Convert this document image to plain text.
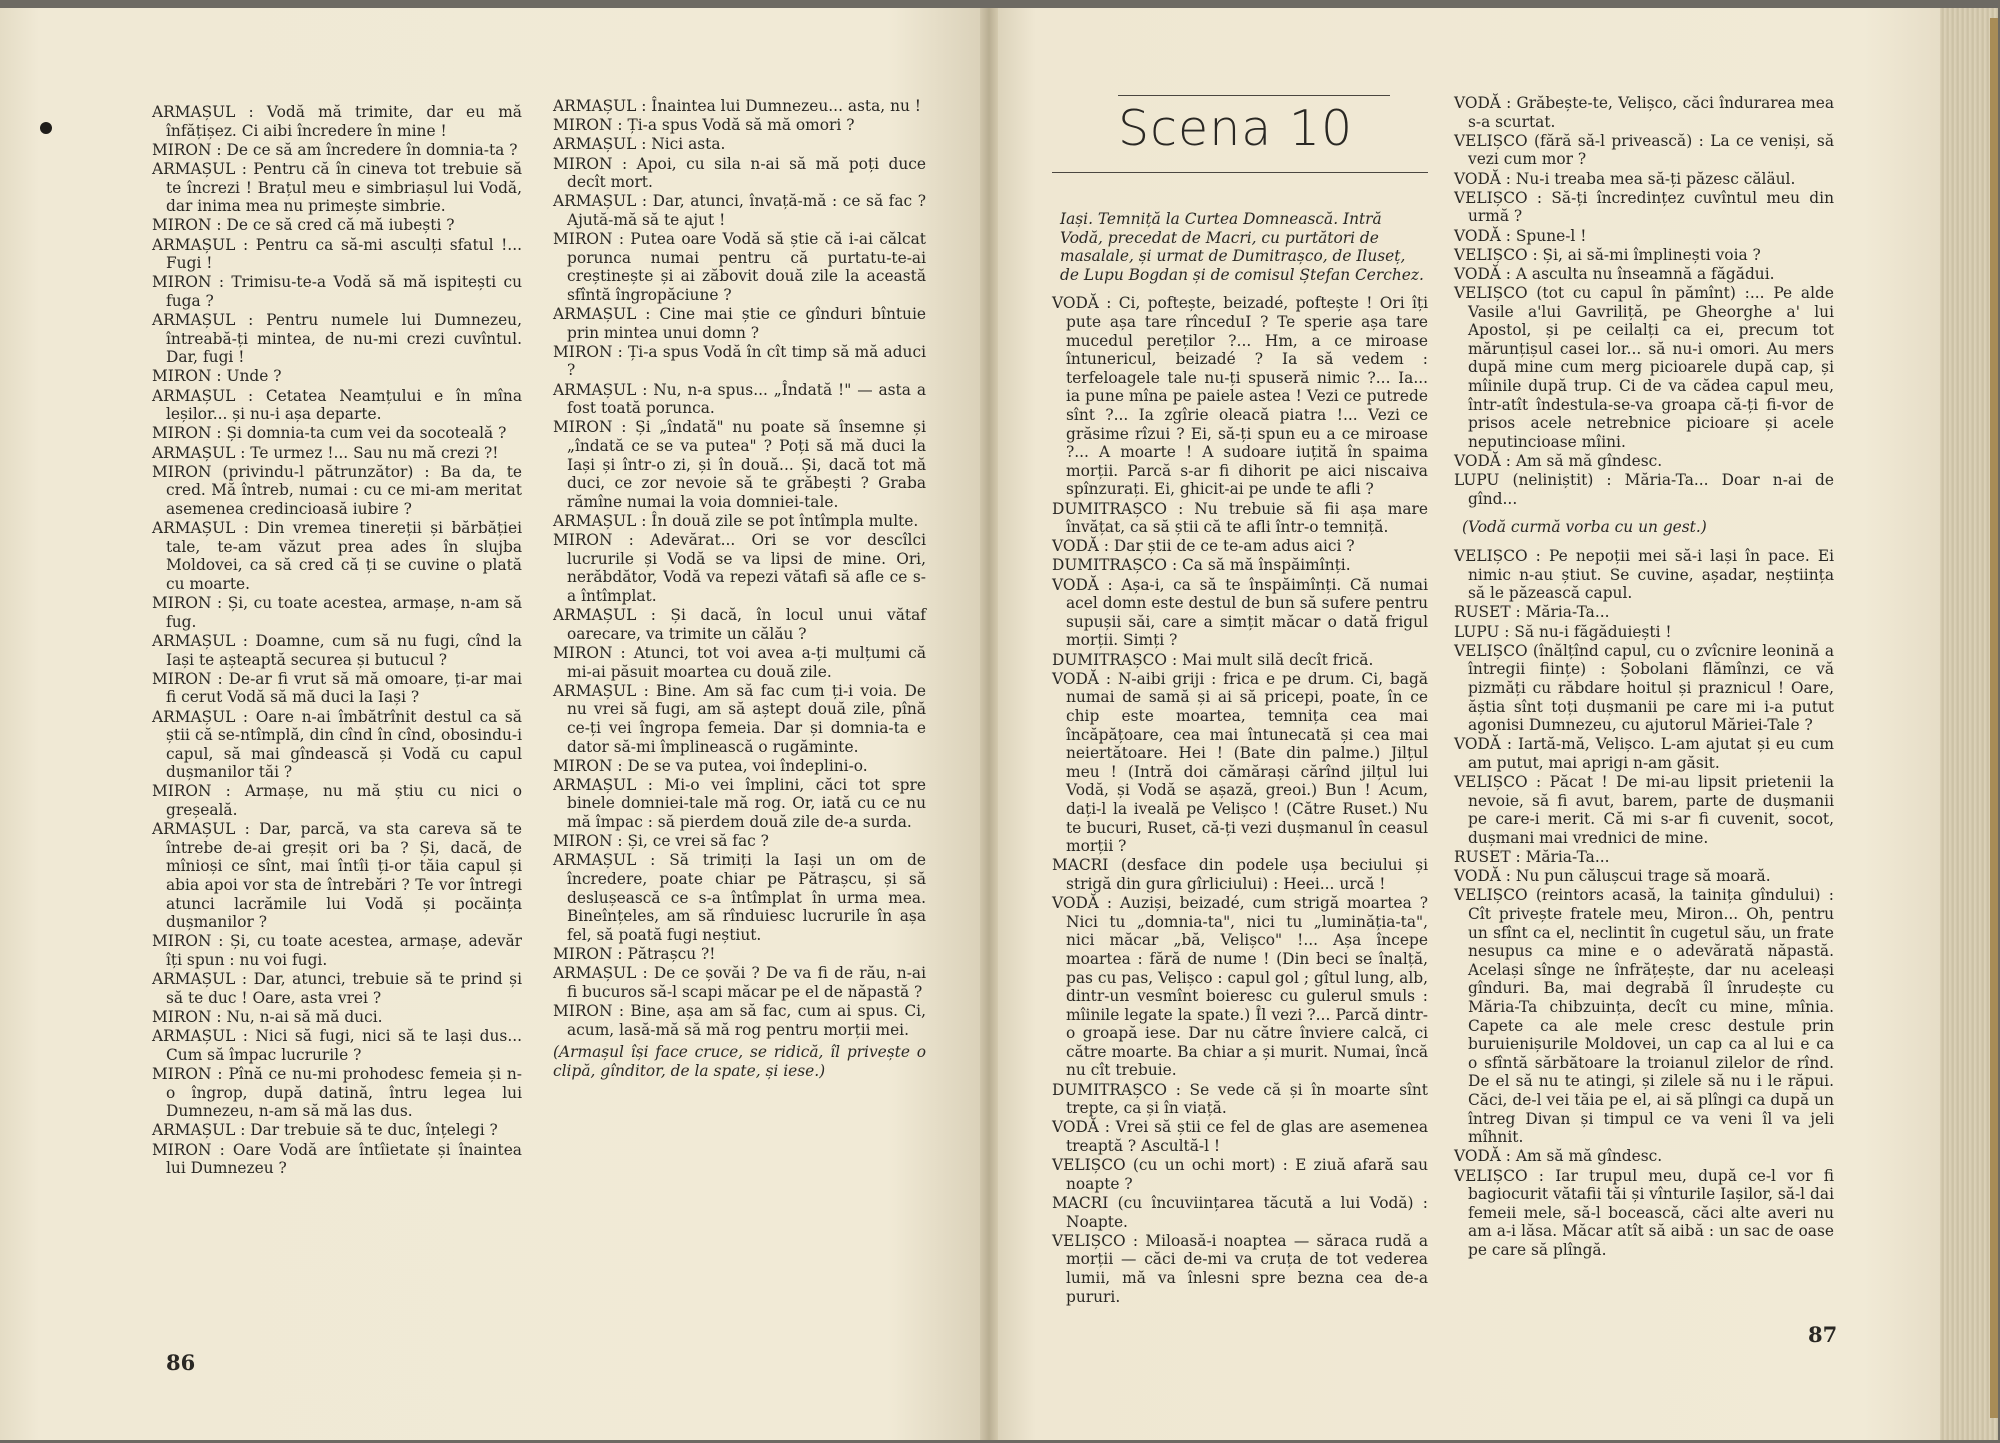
ARMAȘUL : Vodă mă trimite, dar eu mă înfățișez. Ci aibi încredere în mine !
MIRON : De ce să am încredere în domnia-ta ?
ARMAȘUL : Pentru că în cineva tot trebuie să te încrezi ! Brațul meu e simbriașul lui Vodă, dar inima mea nu primește simbrie.
MIRON : De ce să cred că mă iubești ?
ARMAȘUL : Pentru ca să-mi asculți sfatul !... Fugi !
MIRON : Trimisu-te-a Vodă să mă ispitești cu fuga ?
ARMAȘUL : Pentru numele lui Dumnezeu, întreabă-ți mintea, de nu-mi crezi cuvîntul. Dar, fugi !
MIRON : Unde ?
ARMAȘUL : Cetatea Neamțului e în mîna leșilor... și nu-i așa departe.
MIRON : Și domnia-ta cum vei da socoteală ?
ARMAȘUL : Te urmez !... Sau nu mă crezi ?!
MIRON (privindu-l pătrunzător) : Ba da, te cred. Mă întreb, numai : cu ce mi-am meritat asemenea credincioasă iubire ?
ARMAȘUL : Din vremea tinereții și bărbăției tale, te-am văzut prea ades în slujba Moldovei, ca să cred că ți se cuvine o plată cu moarte.
MIRON : Și, cu toate acestea, armașe, n-am să fug.
ARMAȘUL : Doamne, cum să nu fugi, cînd la Iași te așteaptă securea și butucul ?
MIRON : De-ar fi vrut să mă omoare, ți-ar mai fi cerut Vodă să mă duci la Iași ?
ARMAȘUL : Oare n-ai îmbătrînit destul ca să știi că se-ntîmplă, din cînd în cînd, obosindu-i capul, să mai gîndească și Vodă cu capul dușmanilor tăi ?
MIRON : Armașe, nu mă știu cu nici o greșeală.
ARMAȘUL : Dar, parcă, va sta careva să te întrebe de-ai greșit ori ba ? Și, dacă, de mînioși ce sînt, mai întîi ți-or tăia capul și abia apoi vor sta de întrebări ? Te vor întregi atunci lacrămile lui Vodă și pocăința dușmanilor ?
MIRON : Și, cu toate acestea, armașe, adevăr îți spun : nu voi fugi.
ARMAȘUL : Dar, atunci, trebuie să te prind și să te duc ! Oare, asta vrei ?
MIRON : Nu, n-ai să mă duci.
ARMAȘUL : Nici să fugi, nici să te lași dus... Cum să împac lucrurile ?
MIRON : Pînă ce nu-mi prohodesc femeia și n-o îngrop, după datină, întru legea lui Dumnezeu, n-am să mă las dus.
ARMAȘUL : Dar trebuie să te duc, înțelegi ?
MIRON : Oare Vodă are întîietate și înaintea lui Dumnezeu ?
ARMAȘUL : Înaintea lui Dumnezeu... asta, nu !
MIRON : Ți-a spus Vodă să mă omori ?
ARMAȘUL : Nici asta.
MIRON : Apoi, cu sila n-ai să mă poți duce decît mort.
ARMAȘUL : Dar, atunci, învață-mă : ce să fac ? Ajută-mă să te ajut !
MIRON : Putea oare Vodă să știe că i-ai călcat porunca numai pentru că purtatu-te-ai creștinește și ai zăbovit două zile la această sfîntă îngropăciune ?
ARMAȘUL : Cine mai știe ce gînduri bîntuie prin mintea unui domn ?
MIRON : Ți-a spus Vodă în cît timp să mă aduci ?
ARMAȘUL : Nu, n-a spus... „Îndată !" — asta a fost toată porunca.
MIRON : Și „îndată" nu poate să însemne și „îndată ce se va putea" ? Poți să mă duci la Iași și într-o zi, și în două... Și, dacă tot mă duci, ce zor nevoie să te grăbești ? Graba rămîne numai la voia domniei-tale.
ARMAȘUL : În două zile se pot întîmpla multe.
MIRON : Adevărat... Ori se vor descîlci lucrurile și Vodă se va lipsi de mine. Ori, nerăbdător, Vodă va repezi vătafi să afle ce s-a întîmplat.
ARMAȘUL : Și dacă, în locul unui vătaf oarecare, va trimite un călău ?
MIRON : Atunci, tot voi avea a-ți mulțumi că mi-ai păsuit moartea cu două zile.
ARMAȘUL : Bine. Am să fac cum ți-i voia. De nu vrei să fugi, am să aștept două zile, pînă ce-ți vei îngropa femeia. Dar și domnia-ta e dator să-mi împlinească o rugăminte.
MIRON : De se va putea, voi îndeplini-o.
ARMAȘUL : Mi-o vei împlini, căci tot spre binele domniei-tale mă rog. Or, iată cu ce nu mă împac : să pierdem două zile de-a surda.
MIRON : Și, ce vrei să fac ?
ARMAȘUL : Să trimiți la Iași un om de încredere, poate chiar pe Pătrașcu, și să deslușească ce s-a întîmplat în urma mea. Bineînțeles, am să rînduiesc lucrurile în așa fel, să poată fugi neștiut.
MIRON : Pătrașcu ?!
ARMAȘUL : De ce șovăi ? De va fi de rău, n-ai fi bucuros să-l scapi măcar pe el de năpastă ?
MIRON : Bine, așa am să fac, cum ai spus. Ci, acum, lasă-mă să mă rog pentru morții mei.
(Armașul își face cruce, se ridică, îl privește o clipă, gînditor, de la spate, și iese.)
Scena 10
Iași. Temniță la Curtea Domnească. Intră Vodă, precedat de Macri, cu purtători de masalale, și urmat de Dumitrașco, de Iluseț, de Lupu Bogdan și de comisul Ștefan Cerchez.
VODĂ : Ci, poftește, beizadé, poftește ! Ori îți pute așa tare rînceduI ? Te sperie așa tare mucedul pereților ?... Hm, a ce miroase întunericul, beizadé ? Ia să vedem : terfeloagele tale nu-ți spuseră nimic ?... Ia... ia pune mîna pe paiele astea ! Vezi ce putrede sînt ?... Ia zgîrie oleacă piatra !... Vezi ce grăsime rîzui ? Ei, să-ți spun eu a ce miroase ?... A moarte ! A sudoare iuțită în spaima morții. Parcă s-ar fi dihorit pe aici niscaiva spînzurați. Ei, ghicit-ai pe unde te afli ?
DUMITRAȘCO : Nu trebuie să fii așa mare învățat, ca să știi că te afli într-o temniță.
VODĂ : Dar știi de ce te-am adus aici ?
DUMITRAȘCO : Ca să mă înspăimînți.
VODĂ : Așa-i, ca să te înspăimînți. Că numai acel domn este destul de bun să sufere pentru supușii săi, care a simțit măcar o dată frigul morții. Simți ?
DUMITRAȘCO : Mai mult silă decît frică.
VODĂ : N-aibi griji : frica e pe drum. Ci, bagă numai de samă și ai să pricepi, poate, în ce chip este moartea, temnița cea mai încăpățoare, cea mai întunecată și cea mai neiertătoare. Hei ! (Bate din palme.) Jilțul meu ! (Intră doi cămărași cărînd jilțul lui Vodă, și Vodă se așază, greoi.) Bun ! Acum, dați-l la iveală pe Velișco ! (Către Ruset.) Nu te bucuri, Ruset, că-ți vezi dușmanul în ceasul morții ?
MACRI (desface din podele ușa beciului și strigă din gura gîrliciului) : Heei... urcă !
VODĂ : Auziși, beizadé, cum strigă moartea ? Nici tu „domnia-ta", nici tu „luminăția-ta", nici măcar „bă, Velișco" !... Așa începe moartea : fără de nume ! (Din beci se înalță, pas cu pas, Velișco : capul gol ; gîtul lung, alb, dintr-un vesmînt boieresc cu gulerul smuls : mîinile legate la spate.) Îl vezi ?... Parcă dintr-o groapă iese. Dar nu către înviere calcă, ci către moarte. Ba chiar a și murit. Numai, încă nu cît trebuie.
DUMITRAȘCO : Se vede că și în moarte sînt trepte, ca și în viață.
VODĂ : Vrei să știi ce fel de glas are asemenea treaptă ? Ascultă-l !
VELIȘCO (cu un ochi mort) : E ziuă afară sau noapte ?
MACRI (cu încuviințarea tăcută a lui Vodă) : Noapte.
VELIȘCO : Miloasă-i noaptea — săraca rudă a morții — căci de-mi va cruța de tot vederea lumii, mă va înlesni spre bezna cea de-a pururi.
VODĂ : Grăbește-te, Velișco, căci îndurarea mea s-a scurtat.
VELIȘCO (fără să-l privească) : La ce veniși, să vezi cum mor ?
VODĂ : Nu-i treaba mea să-ți păzesc căläul.
VELIȘCO : Să-ți încredințez cuvîntul meu din urmă ?
VODĂ : Spune-l !
VELIȘCO : Și, ai să-mi împlinești voia ?
VODĂ : A asculta nu înseamnă a făgădui.
VELIȘCO (tot cu capul în pămînt) :... Pe alde Vasile a'lui Gavriliță, pe Gheorghe a' lui Apostol, și pe ceilalți ca ei, precum tot mărunțișul casei lor... să nu-i omori. Au mers după mine cum merg picioarele după cap, și mîinile după trup. Ci de va cădea capul meu, într-atît îndestula-se-va groapa că-ți fi-vor de prisos acele netrebnice picioare și acele neputincioase mîini.
VODĂ : Am să mă gîndesc.
LUPU (neliniștit) : Măria-Ta... Doar n-ai de gînd...
(Vodă curmă vorba cu un gest.)
VELIȘCO : Pe nepoții mei să-i lași în pace. Ei nimic n-au știut. Se cuvine, așadar, neștiința să le păzească capul.
RUSET : Măria-Ta...
LUPU : Să nu-i făgăduiești !
VELIȘCO (înălțînd capul, cu o zvîcnire leonină a întregii ființe) : Șobolani flămînzi, ce vă pizmăți cu răbdare hoitul și praznicul ! Oare, ăștia sînt toți dușmanii pe care mi i-a putut agonisi Dumnezeu, cu ajutorul Măriei-Tale ?
VODĂ : Iartă-mă, Velișco. L-am ajutat și eu cum am putut, mai aprigi n-am găsit.
VELIȘCO : Păcat ! De mi-au lipsit prietenii la nevoie, să fi avut, barem, parte de dușmanii pe care-i merit. Că mi s-ar fi cuvenit, socot, dușmani mai vrednici de mine.
RUSET : Măria-Ta...
VODĂ : Nu pun călușcui trage să moară.
VELIȘCO (reintors acasă, la tainița gîndului) : Cît privește fratele meu, Miron... Oh, pentru un sfînt ca el, neclintit în cugetul său, un frate nesupus ca mine e o adevărată năpastă. Același sînge ne înfrățește, dar nu aceleași gînduri. Ba, mai degrabă îl înrudește cu Măria-Ta chibzuința, decît cu mine, mînia. Capete ca ale mele cresc destule prin buruienișurile Moldovei, un cap ca al lui e ca o sfîntă sărbătoare la troianul zilelor de rînd. De el să nu te atingi, și zilele să nu i le răpui. Căci, de-l vei tăia pe el, ai să plîngi ca după un întreg Divan și timpul ce va veni îl va jeli mîhnit.
VODĂ : Am să mă gîndesc.
VELIȘCO : Iar trupul meu, după ce-l vor fi bagiocurit vătafii tăi și vînturile Iașilor, să-l dai femeii mele, să-l bocească, căci alte averi nu am a-i lăsa. Măcar atît să aibă : un sac de oase pe care să plîngă.
86
87
